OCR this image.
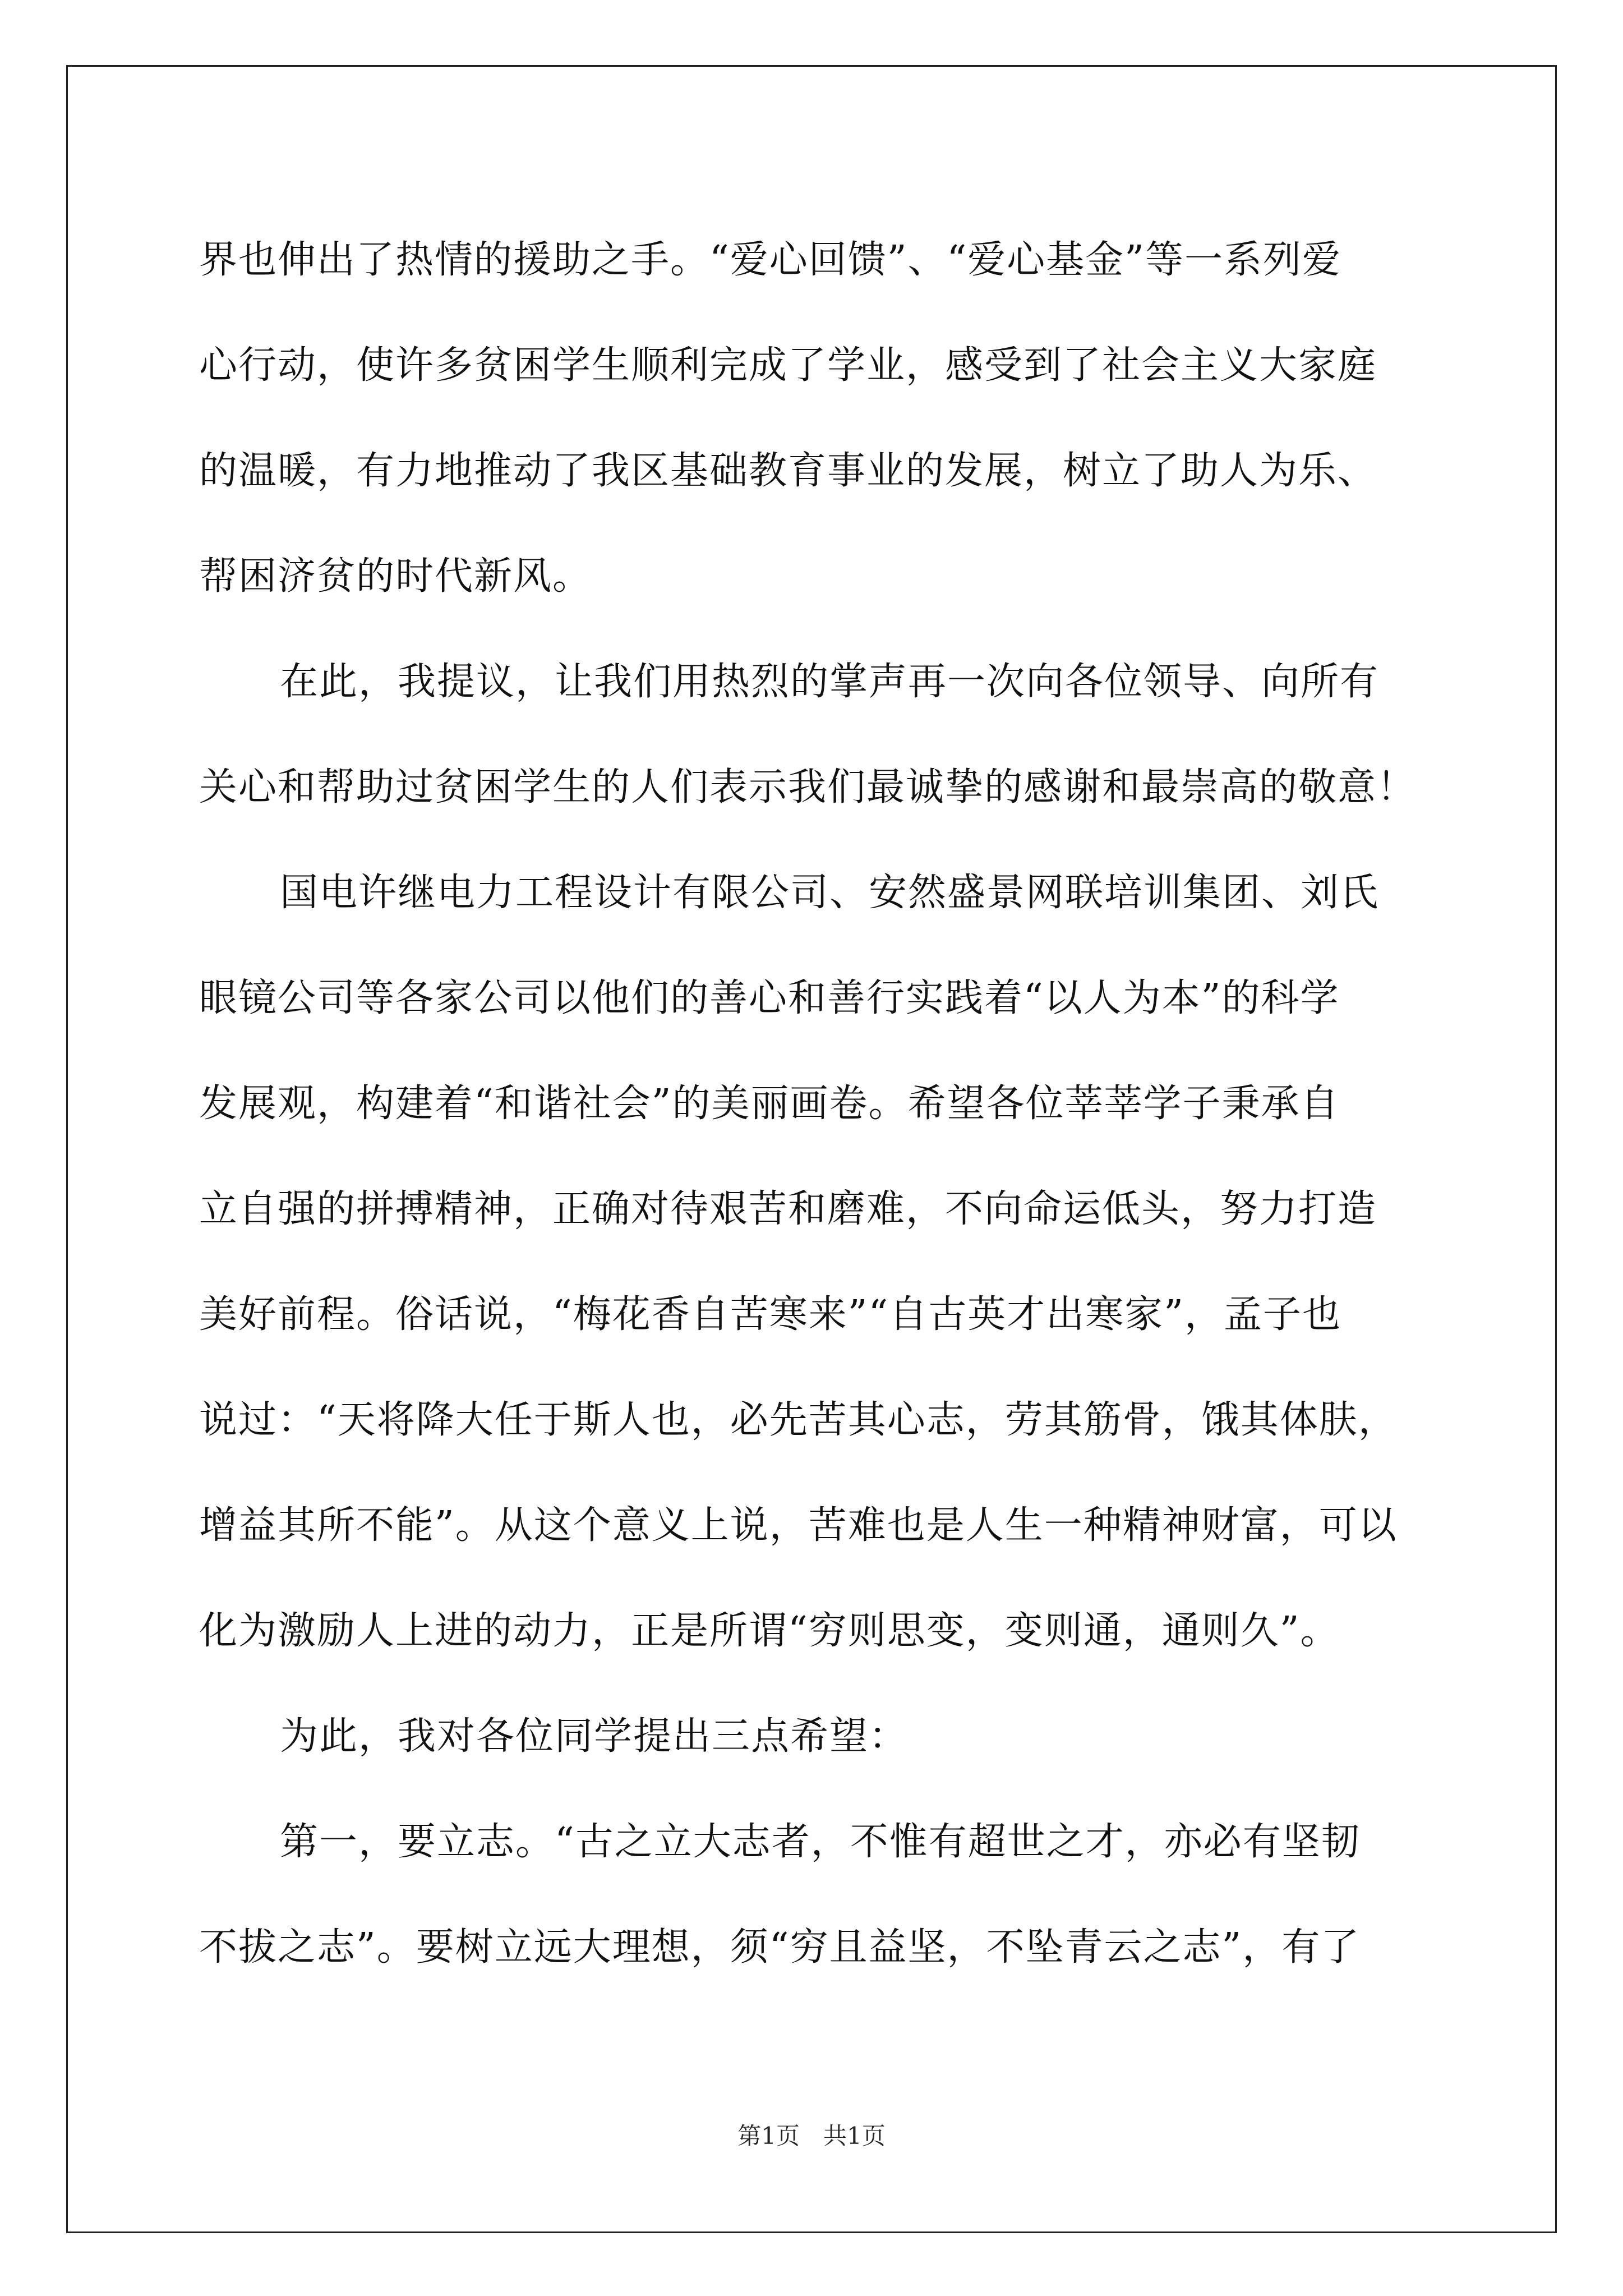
界也伸出了热情的援助之手。“爱心回馈”、“爱心基金”等一系列爱
心行动，使许多贫困学生顺利完成了学业，感受到了社会主义大家庭
的温暖，有力地推动了我区基础教育事业的发展，树立了助人为乐、
帮困济贫的时代新风。
在此，我提议，让我们用热烈的掌声再一次向各位领导、向所有
关心和帮助过贫困学生的人们表示我们最诚挚的感谢和最崇高的敬意！
国电许继电力工程设计有限公司、安然盛景网联培训集团、刘氏
眼镜公司等各家公司以他们的善心和善行实践着“以人为本”的科学
发展观，构建着“和谐社会”的美丽画卷。希望各位莘莘学子秉承自
立自强的拼搏精神，正确对待艰苦和磨难，不向命运低头，努力打造
美好前程。俗话说，“梅花香自苦寒来”“自古英才出寒家”，孟子也
说过：“天将降大任于斯人也，必先苦其心志，劳其筋骨，饿其体肤，
增益其所不能”。从这个意义上说，苦难也是人生一种精神财富，可以
化为激励人上进的动力，正是所谓“穷则思变，变则通，通则久”。
为此，我对各位同学提出三点希望：
第一，要立志。“古之立大志者，不惟有超世之才，亦必有坚韧
不拔之志”。要树立远大理想，须“穷且益坚，不坠青云之志”，有了
第1页　共1页
